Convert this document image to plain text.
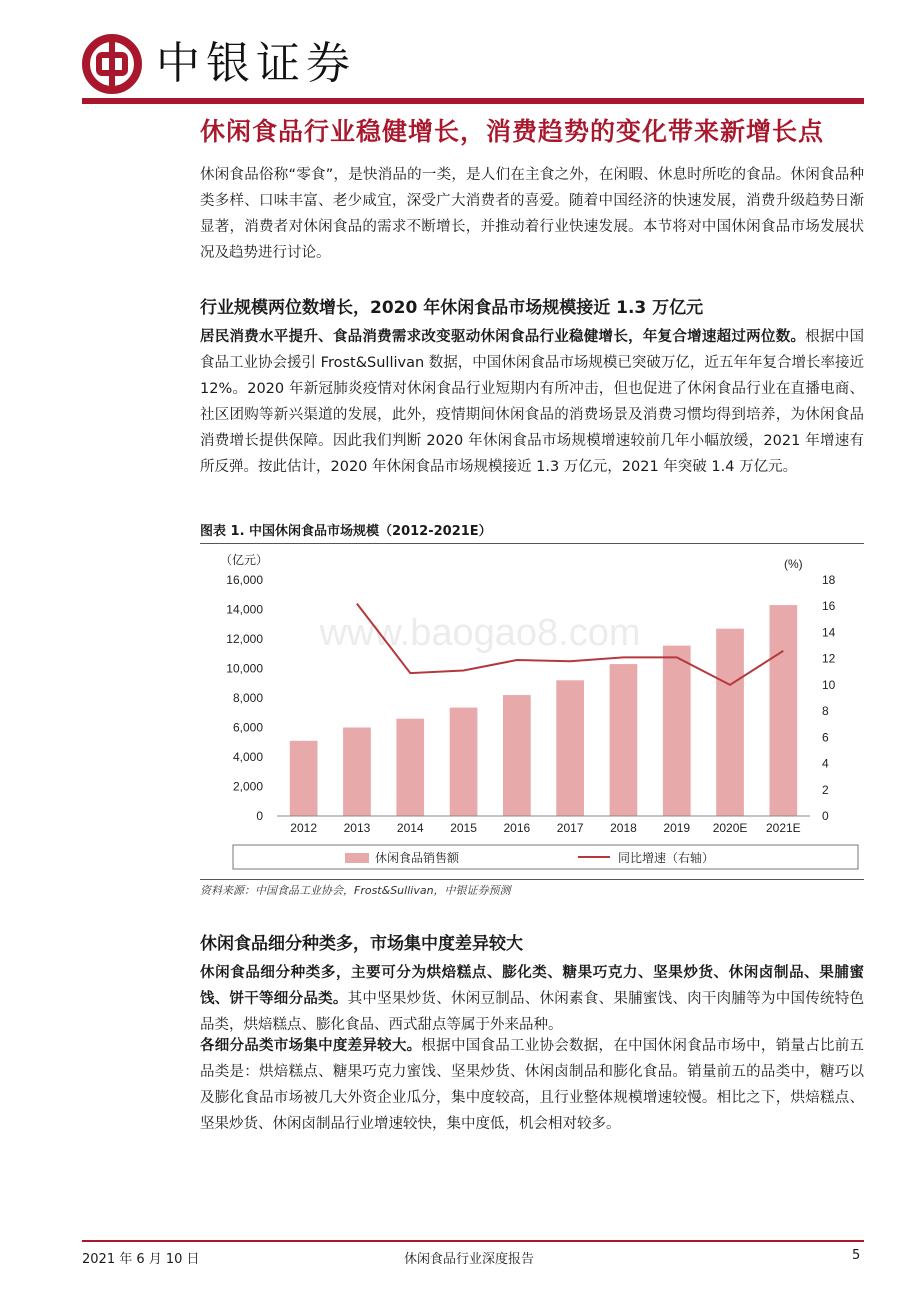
中银证券
休闲食品行业稳健增长，消费趋势的变化带来新增长点

休闲食品俗称“零食”，是快消品的一类，是人们在主食之外，在闲暇、休息时所吃的食品。休闲食品种类多样、口味丰富、老少咸宜，深受广大消费者的喜爱。随着中国经济的快速发展，消费升级趋势日渐显著，消费者对休闲食品的需求不断增长，并推动着行业快速发展。本节将对中国休闲食品市场发展状况及趋势进行讨论。

行业规模两位数增长，2020 年休闲食品市场规模接近 1.3 万亿元

居民消费水平提升、食品消费需求改变驱动休闲食品行业稳健增长，年复合增速超过两位数。根据中国食品工业协会援引 Frost&Sullivan 数据，中国休闲食品市场规模已突破万亿，近五年年复合增长率接近 12%。2020 年新冠肺炎疫情对休闲食品行业短期内有所冲击，但也促进了休闲食品行业在直播电商、社区团购等新兴渠道的发展，此外，疫情期间休闲食品的消费场景及消费习惯均得到培养，为休闲食品消费增长提供保障。因此我们判断 2020 年休闲食品市场规模增速较前几年小幅放缓，2021 年增速有所反弹。按此估计，2020 年休闲食品市场规模接近 1.3 万亿元，2021 年突破 1.4 万亿元。

图表 1. 中国休闲食品市场规模（2012-2021E）
（亿元）	(%)
www.baogao8.com
0
2,000
4,000
6,000
8,000
10,000
12,000
14,000
16,000
0
2
4
6
8
10
12
14
16
18
2012 2013 2014 2015 2016 2017 2018 2019 2020E 2021E
休闲食品销售额	同比增速（右轴）
资料来源：中国食品工业协会，Frost&Sullivan，中银证券预测
休闲食品细分种类多，市场集中度差异较大

休闲食品细分种类多，主要可分为烘焙糕点、膨化类、糖果巧克力、坚果炒货、休闲卤制品、果脯蜜饯、饼干等细分品类。其中坚果炒货、休闲豆制品、休闲素食、果脯蜜饯、肉干肉脯等为中国传统特色品类，烘焙糕点、膨化食品、西式甜点等属于外来品种。

各细分品类市场集中度差异较大。根据中国食品工业协会数据，在中国休闲食品市场中，销量占比前五品类是：烘焙糕点、糖果巧克力蜜饯、坚果炒货、休闲卤制品和膨化食品。销量前五的品类中，糖巧以及膨化食品市场被几大外资企业瓜分，集中度较高，且行业整体规模增速较慢。相比之下，烘焙糕点、坚果炒货、休闲卤制品行业增速较快，集中度低，机会相对较多。

2021 年 6 月 10 日	休闲食品行业深度报告	5
